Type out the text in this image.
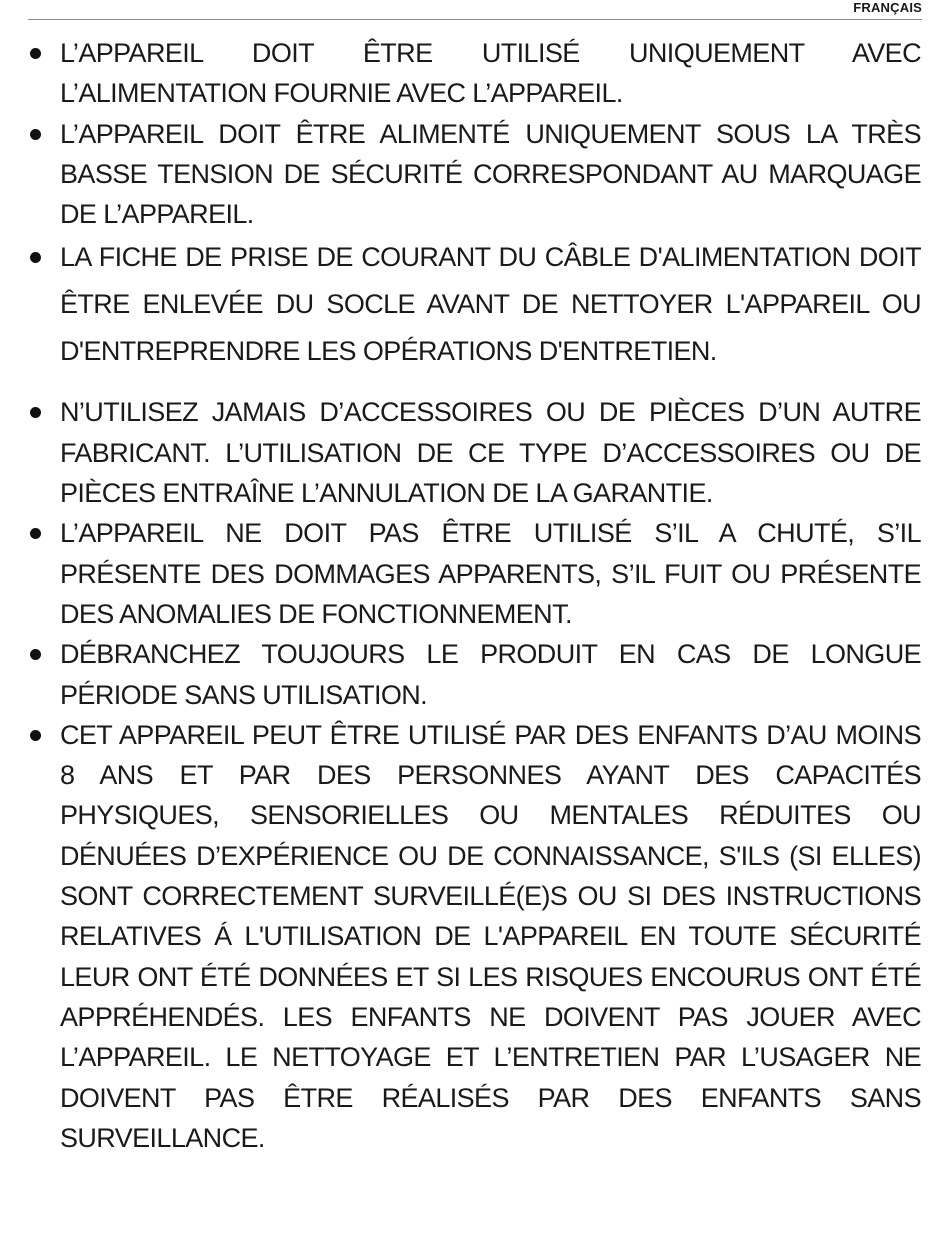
FRANÇAIS
L’APPAREIL DOIT ÊTRE UTILISÉ UNIQUEMENT AVEC L’ALIMENTATION FOURNIE AVEC L’APPAREIL.
L’APPAREIL DOIT ÊTRE ALIMENTÉ UNIQUEMENT SOUS LA TRÈS BASSE TENSION DE SÉCURITÉ CORRESPONDANT AU MARQUAGE DE L’APPAREIL.
LA FICHE DE PRISE DE COURANT DU CÂBLE D'ALIMENTATION DOIT ÊTRE ENLEVÉE DU SOCLE AVANT DE NETTOYER L'APPAREIL OU D'ENTREPRENDRE LES OPÉRATIONS D'ENTRETIEN.
N’UTILISEZ JAMAIS D’ACCESSOIRES OU DE PIÈCES D’UN AUTRE FABRICANT. L’UTILISATION DE CE TYPE D’ACCESSOIRES OU DE PIÈCES ENTRAÎNE L’ANNULATION DE LA GARANTIE.
L’APPAREIL NE DOIT PAS ÊTRE UTILISÉ S’IL A CHUTÉ, S’IL PRÉSENTE DES DOMMAGES APPARENTS, S’IL FUIT OU PRÉSENTE DES ANOMALIES DE FONCTIONNEMENT.
DÉBRANCHEZ TOUJOURS LE PRODUIT EN CAS DE LONGUE PÉRIODE SANS UTILISATION.
CET APPAREIL PEUT ÊTRE UTILISÉ PAR DES ENFANTS D’AU MOINS 8 ANS ET PAR DES PERSONNES AYANT DES CAPACITÉS PHYSIQUES, SENSORIELLES OU MENTALES RÉDUITES OU DÉNUÉES D’EXPÉRIENCE OU DE CONNAISSANCE, S'ILS (SI ELLES) SONT CORRECTEMENT SURVEILLÉ(E)S OU SI DES INSTRUCTIONS RELATIVES Á L'UTILISATION DE L'APPAREIL EN TOUTE SÉCURITÉ LEUR ONT ÉTÉ DONNÉES ET SI LES RISQUES ENCOURUS ONT ÉTÉ APPRÉHENDÉS. LES ENFANTS NE DOIVENT PAS JOUER AVEC L’APPAREIL. LE NETTOYAGE ET L’ENTRETIEN PAR L’USAGER NE DOIVENT PAS ÊTRE RÉALISÉS PAR DES ENFANTS SANS SURVEILLANCE.
